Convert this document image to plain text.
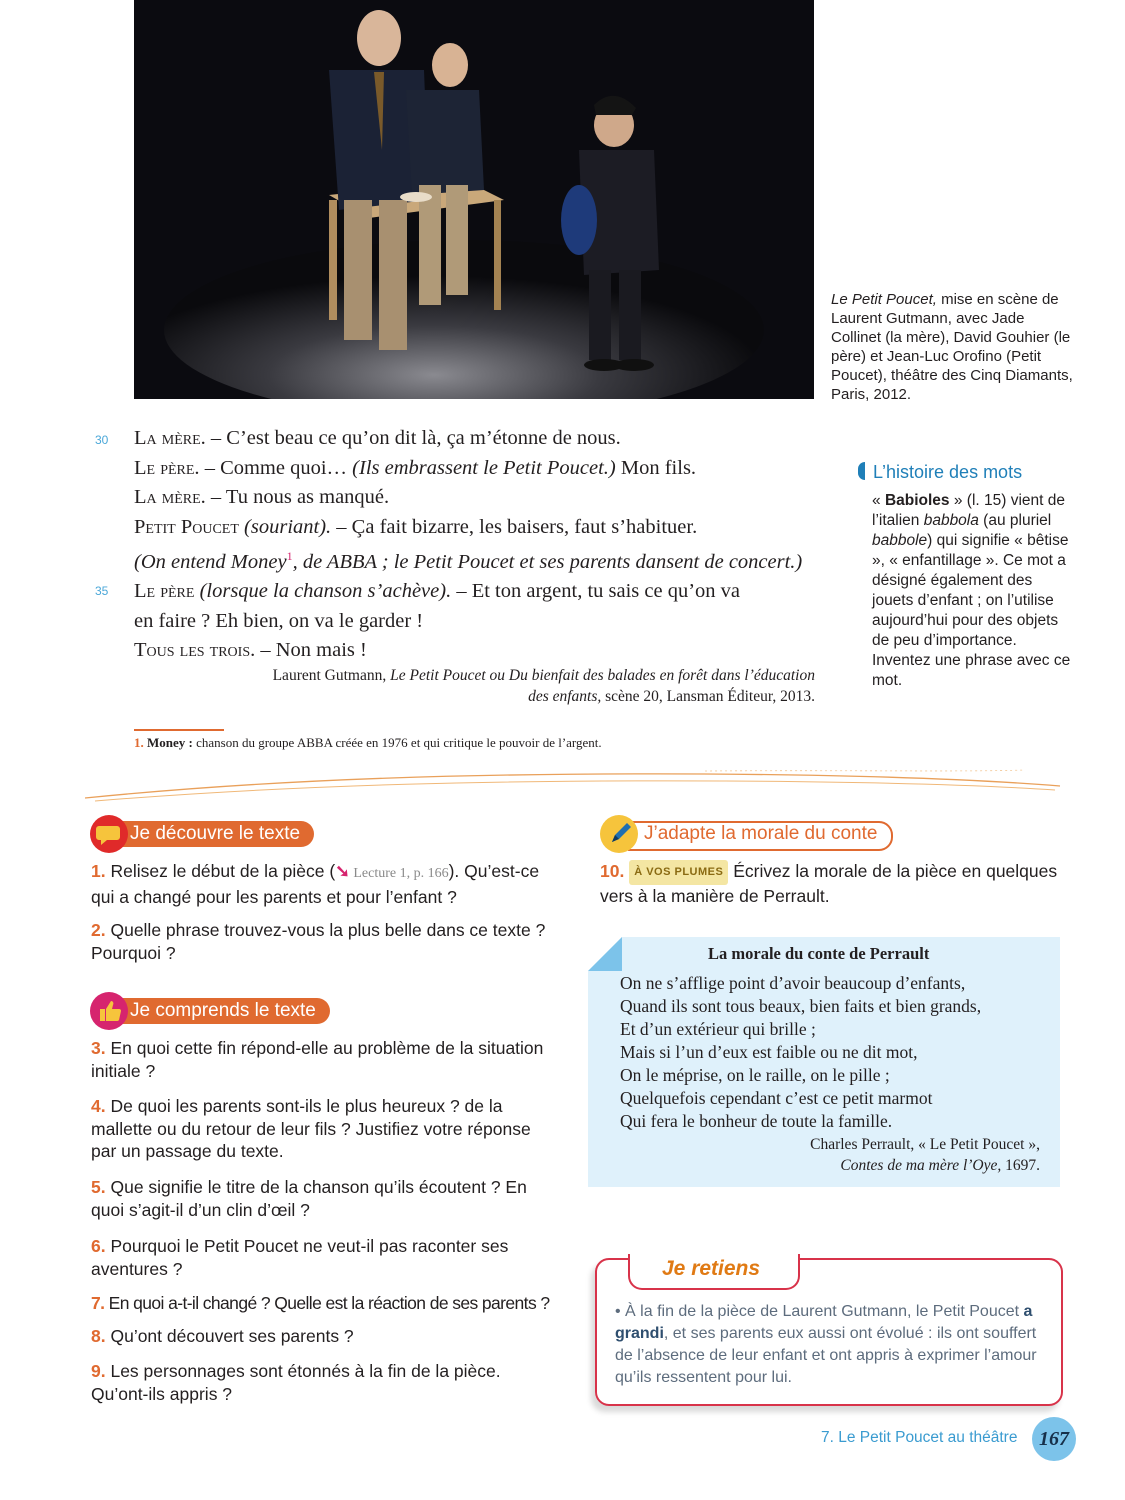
Le Petit Poucet, mise en scène de Laurent Gutmann, avec Jade Collinet (la mère), David Gouhier (le père) et Jean-Luc Orofino (Petit Poucet), théâtre des Cinq Diamants, Paris, 2012.
30
35

La mère. – C’est beau ce qu’on dit là, ça m’étonne de nous.

Le père. – Comme quoi… (Ils embrassent le Petit Poucet.) Mon fils.

La mère. – Tu nous as manqué.

Petit Poucet (souriant). – Ça fait bizarre, les baisers, faut s’habituer.

(On entend Money$^1$, de ABBA ; le Petit Poucet et ses parents dansent de concert.)

Le père (lorsque la chanson s’achève). – Et ton argent, tu sais ce qu’on va

en faire ? Eh bien, on va le garder !

Tous les trois. – Non mais !

Laurent Gutmann, Le Petit Poucet ou Du bienfait des balades en forêt dans l’éducation des enfants, scène 20, Lansman Éditeur, 2013.
1. Money : chanson du groupe ABBA créée en 1976 et qui critique le pouvoir de l’argent.
L’histoire des mots
« Babioles » (l. 15) vient de l’italien babbola (au pluriel babbole) qui signifie « bêtise », « enfantillage ». Ce mot a désigné également des jouets d’enfant ; on l’utilise aujourd’hui pour des objets de peu d’importance. Inventez une phrase avec ce mot.
Je découvre le texte
1. Relisez le début de la pièce (➘ Lecture 1, p. 166). Qu’est-ce qui a changé pour les parents et pour l’enfant ?
2. Quelle phrase trouvez-vous la plus belle dans ce texte ? Pourquoi ?
Je comprends le texte
3. En quoi cette fin répond-elle au problème de la situation initiale ?
4. De quoi les parents sont-ils le plus heureux ? de la mallette ou du retour de leur fils ? Justifiez votre réponse par un passage du texte.
5. Que signifie le titre de la chanson qu’ils écoutent ? En quoi s’agit-il d’un clin d’œil ?
6. Pourquoi le Petit Poucet ne veut-il pas raconter ses aventures ?
7. En quoi a-t-il changé ? Quelle est la réaction de ses parents ?
8. Qu’ont découvert ses parents ?
9. Les personnages sont étonnés à la fin de la pièce. Qu’ont-ils appris ?
J’adapte la morale du conte
10. À VOS PLUMES Écrivez la morale de la pièce en quelques vers à la manière de Perrault.
La morale du conte de Perrault
On ne s’afflige point d’avoir beaucoup d’enfants,
Quand ils sont tous beaux, bien faits et bien grands,
Et d’un extérieur qui brille ;
Mais si l’un d’eux est faible ou ne dit mot,
On le méprise, on le raille, on le pille ;
Quelquefois cependant c’est ce petit marmot
Qui fera le bonheur de toute la famille.
Charles Perrault, « Le Petit Poucet »,
Contes de ma mère l’Oye, 1697.
Je retiens
• À la fin de la pièce de Laurent Gutmann, le Petit Poucet a grandi, et ses parents eux aussi ont évolué : ils ont souffert de l’absence de leur enfant et ont appris à exprimer l’amour qu’ils ressentent pour lui.
7. Le Petit Poucet au théâtre	167
